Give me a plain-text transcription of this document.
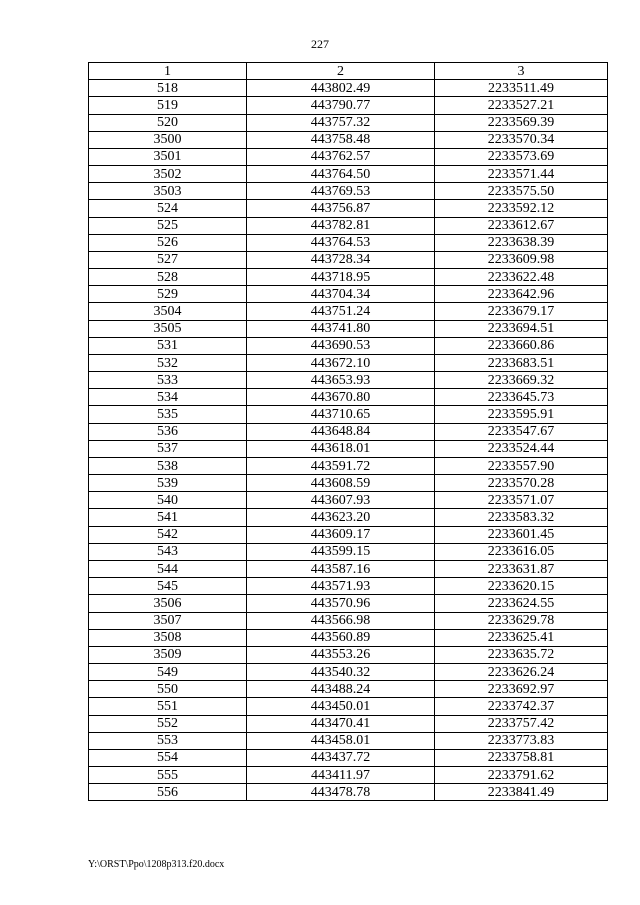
227
1	2	3
518	443802.49	2233511.49
519	443790.77	2233527.21
520	443757.32	2233569.39
3500	443758.48	2233570.34
3501	443762.57	2233573.69
3502	443764.50	2233571.44
3503	443769.53	2233575.50
524	443756.87	2233592.12
525	443782.81	2233612.67
526	443764.53	2233638.39
527	443728.34	2233609.98
528	443718.95	2233622.48
529	443704.34	2233642.96
3504	443751.24	2233679.17
3505	443741.80	2233694.51
531	443690.53	2233660.86
532	443672.10	2233683.51
533	443653.93	2233669.32
534	443670.80	2233645.73
535	443710.65	2233595.91
536	443648.84	2233547.67
537	443618.01	2233524.44
538	443591.72	2233557.90
539	443608.59	2233570.28
540	443607.93	2233571.07
541	443623.20	2233583.32
542	443609.17	2233601.45
543	443599.15	2233616.05
544	443587.16	2233631.87
545	443571.93	2233620.15
3506	443570.96	2233624.55
3507	443566.98	2233629.78
3508	443560.89	2233625.41
3509	443553.26	2233635.72
549	443540.32	2233626.24
550	443488.24	2233692.97
551	443450.01	2233742.37
552	443470.41	2233757.42
553	443458.01	2233773.83
554	443437.72	2233758.81
555	443411.97	2233791.62
556	443478.78	2233841.49
Y:\ORST\Ppo\1208p313.f20.docx
